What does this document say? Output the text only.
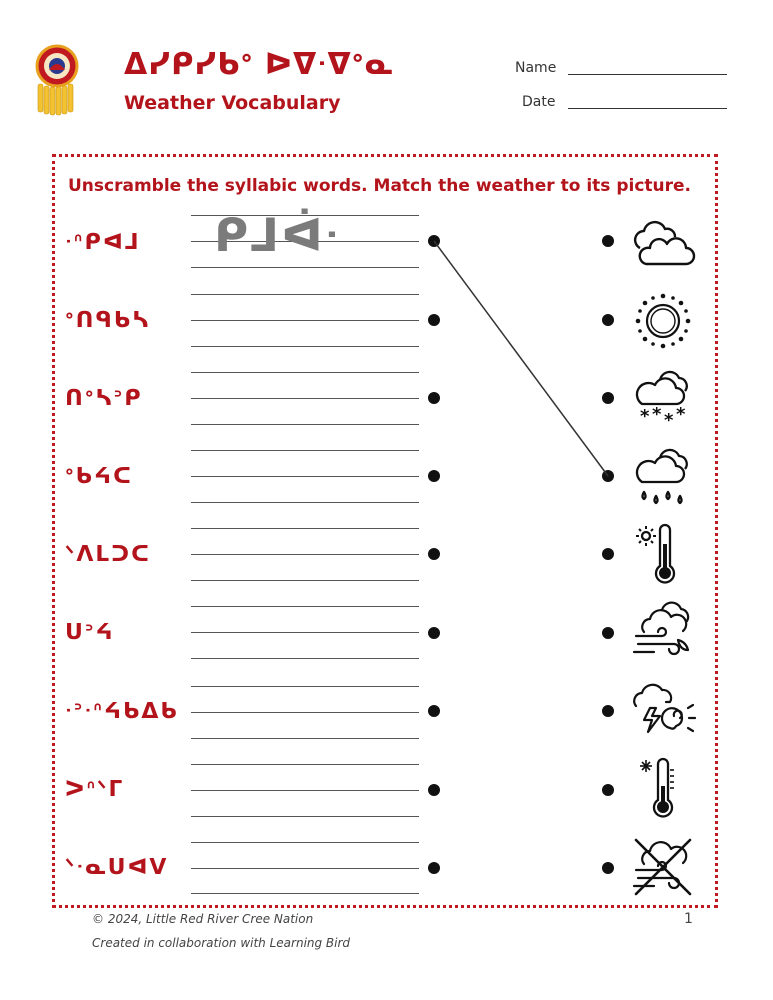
ᐃᓯᑭᓯᑲᐤ ᐅᐁᐧᐁᐤᓇ
Weather Vocabulary
Name
Date
Unscramble the syllabic words. Match the weather to its picture.
ᐧᐢᑭᐊᒧ ᑭᒧᐋᐧ
ᐤᑎᑫᑲᓴ
ᑎᐤᓴᐣᑭ
ᐤᑲᔦᑕ
ᐠᐱᒪᑐᑕ
ᑌᐣᔦ
ᐧᐣᐧᐢᔦᑲᐃᑲ
ᐳᐢᐠᒥ
ᐠᐧᓇᑌᐊᐯ
* * * *
© 2024, Little Red River Cree Nation
Created in collaboration with Learning Bird
1
